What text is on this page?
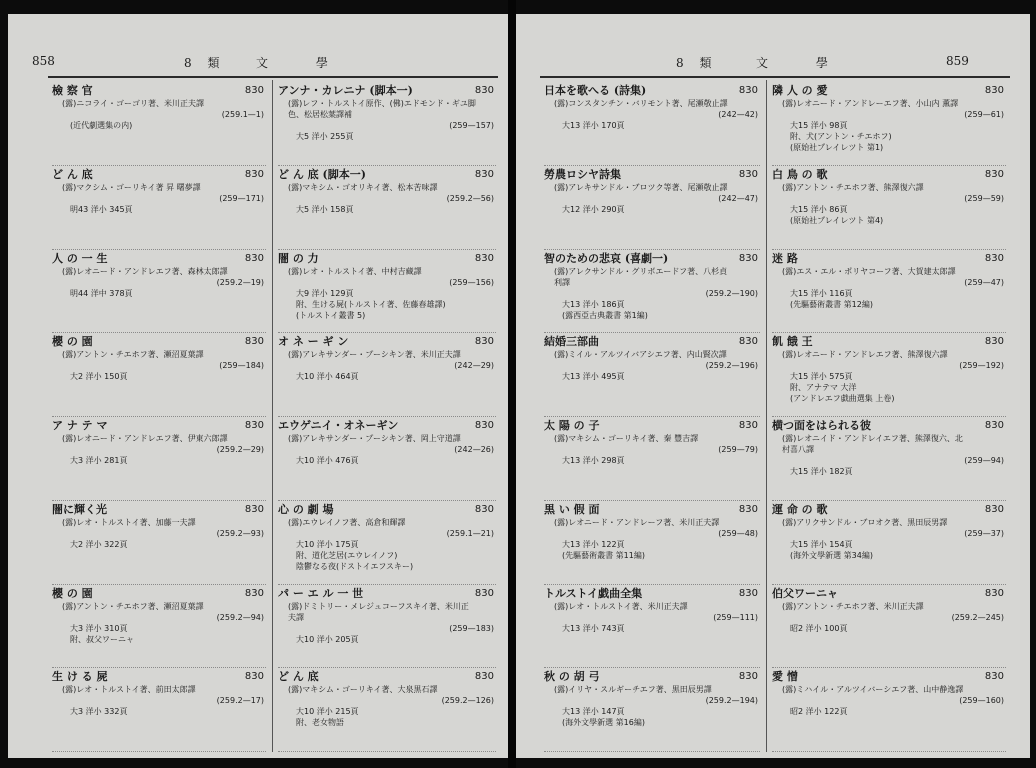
858	8 類	文 學
檢 察 官	830
(露)ニコライ・ゴーゴリ著、米川正夫譯
(259.1—1)
(近代劇選集の内)
ど ん 底	830
(露)マクシム・ゴーリキイ著 昇 曙夢譯
(259—171)
明43 洋小 345頁
人 の 一 生	830
(露)レオニード・アンドレエフ著、森林太郎譯
(259.2—19)
明44 洋中 378頁
櫻 の 園	830
(露)アントン・チエホフ著、瀬沼夏葉譯
(259—184)
大2 洋小 150頁
ア ナ テ マ	830
(露)レオニード・アンドレエフ著、伊東六郎譯
(259.2—29)
大3 洋小 281頁
闇に輝く光	830
(露)レオ・トルストイ著、加藤一夫譯
(259.2—93)
大2 洋小 322頁
櫻 の 園	830
(露)アントン・チエホフ著、瀬沼夏葉譯
(259.2—94)
大3 洋小 310頁
附、叔父ワーニャ
生 け る 屍	830
(露)レオ・トルストイ著、前田太郎譯
(259.2—17)
大3 洋小 332頁
アンナ・カレニナ (脚本一)	830
(露)レフ・トルストイ原作、(佛)エドモンド・ギユ脚
色、松居松葉譯補
(259—157)
大5 洋小 255頁
ど ん 底 (脚本一)	830
(露)マキシム・ゴオリキイ著、松本苦味譯
(259.2—56)
大5 洋小 158頁
闇 の 力	830
(露)レオ・トルストイ著、中村吉藏譯
(259—156)
大9 洋小 129頁
附、生ける屍(トルストイ著、佐藤春雄譯)
(トルストイ叢書 5)
オ ネ ー ギ ン	830
(露)アレキサンダー・プーシキン著、米川正夫譯
(242—29)
大10 洋小 464頁
エウゲニイ・オネーギン	830
(露)アレキサンダー・プーシキン著、岡上守道譯
(242—26)
大10 洋小 476頁
心 の 劇 場	830
(露)エウレイノフ著、高倉和輝譯
(259.1—21)
大10 洋小 175頁
附、道化芝居(エウレイノフ)
陰鬱なる夜(ドストイエフスキー)
パ ー エ ル 一 世	830
(露)ドミトリー・メレジュコーフスキイ著、米川正
夫譯
(259—183)
大10 洋小 205頁
ど ん 底	830
(露)マキシム・ゴーリキイ著、大泉黒石譯
(259.2—126)
大10 洋小 215頁
附、老女物語
8 類	文 學	859
日本を歌へる (詩集)	830
(露)コンスタンチン・バリモント著、尾瀬敬止譯
(242—42)
大13 洋小 170頁
勞農ロシヤ詩集	830
(露)アレキサンドル・ブロツク等著、尾瀬敬止譯
(242—47)
大12 洋小 290頁
智のための悲哀 (喜劇一)	830
(露)アレクサンドル・グリボエードフ著、八杉貞
利譯
(259.2—190)
大13 洋小 186頁
(露西亞古典叢書 第1編)
結婚三部曲	830
(露)ミイル・アルツイバアシエフ著、内山賢次譯
(259.2—196)
大13 洋小 495頁
太 陽 の 子	830
(露)マキシム・ゴーリキイ著、秦 豐吉譯
(259—79)
大13 洋小 298頁
黒 い 假 面	830
(露)レオニード・アンドレーフ著、米川正夫譯
(259—48)
大13 洋小 122頁
(先驅藝術叢書 第11編)
トルストイ戯曲全集	830
(露)レオ・トルストイ著、米川正夫譯
(259—111)
大13 洋小 743頁
秋 の 胡 弓	830
(露)イリヤ・スルギーチエフ著、黒田辰男譯
(259.2—194)
大13 洋小 147頁
(海外文學新選 第16編)
隣 人 の 愛	830
(露)レオニード・アンドレーエフ著、小山内 薫譯
(259—61)
大15 洋小 98頁
附、犬(アントン・チエホフ)
(原始社プレイレツト 第1)
白 鳥 の 歌	830
(露)アントン・チエホフ著、熊澤復六譯
(259—59)
大15 洋小 86頁
(原始社プレイレツト 第4)
迷 路	830
(露)エス・エル・ポリヤコーフ著、大賀建太郎譯
(259—47)
大15 洋小 116頁
(先驅藝術叢書 第12編)
飢 餓 王	830
(露)レオニード・アンドレエフ著、熊澤復六譯
(259—192)
大15 洋小 575頁
附、アナテマ 大洋
(アンドレエフ戯曲選集 上卷)
横つ面をはられる彼	830
(露)レオニイド・アンドレイエフ著、熊澤復六、北
村喜八譯
(259—94)
大15 洋小 182頁
運 命 の 歌	830
(露)アリクサンドル・ブロオク著、黒田辰男譯
(259—37)
大15 洋小 154頁
(海外文學新選 第34編)
伯父ワーニャ	830
(露)アントン・チエホフ著、米川正夫譯
(259.2—245)
昭2 洋小 100頁
愛 憎	830
(露)ミハイル・アルツイバーシエフ著、山中静逸譯
(259—160)
昭2 洋小 122頁
